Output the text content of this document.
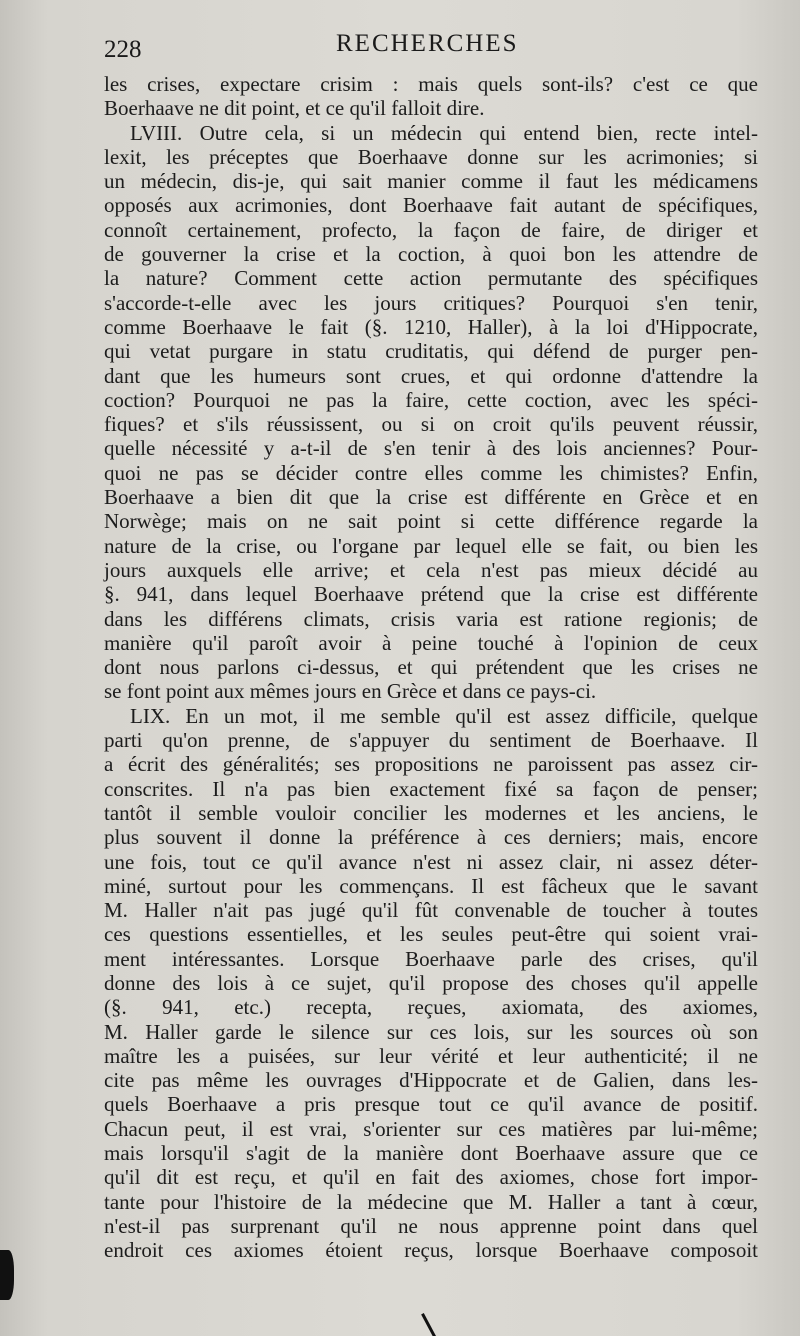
228	RECHERCHES
les crises, expectare crisim : mais quels sont-ils? c'est ce que
Boerhaave ne dit point, et ce qu'il falloit dire.
LVIII. Outre cela, si un médecin qui entend bien, recte intel-
lexit, les préceptes que Boerhaave donne sur les acrimonies; si
un médecin, dis-je, qui sait manier comme il faut les médicamens
opposés aux acrimonies, dont Boerhaave fait autant de spécifiques,
connoît certainement, profecto, la façon de faire, de diriger et
de gouverner la crise et la coction, à quoi bon les attendre de
la nature? Comment cette action permutante des spécifiques
s'accorde-t-elle avec les jours critiques? Pourquoi s'en tenir,
comme Boerhaave le fait (§. 1210, Haller), à la loi d'Hippocrate,
qui vetat purgare in statu cruditatis, qui défend de purger pen-
dant que les humeurs sont crues, et qui ordonne d'attendre la
coction? Pourquoi ne pas la faire, cette coction, avec les spéci-
fiques? et s'ils réussissent, ou si on croit qu'ils peuvent réussir,
quelle nécessité y a-t-il de s'en tenir à des lois anciennes? Pour-
quoi ne pas se décider contre elles comme les chimistes? Enfin,
Boerhaave a bien dit que la crise est différente en Grèce et en
Norwège; mais on ne sait point si cette différence regarde la
nature de la crise, ou l'organe par lequel elle se fait, ou bien les
jours auxquels elle arrive; et cela n'est pas mieux décidé au
§. 941, dans lequel Boerhaave prétend que la crise est différente
dans les différens climats, crisis varia est ratione regionis; de
manière qu'il paroît avoir à peine touché à l'opinion de ceux
dont nous parlons ci-dessus, et qui prétendent que les crises ne
se font point aux mêmes jours en Grèce et dans ce pays-ci.
LIX. En un mot, il me semble qu'il est assez difficile, quelque
parti qu'on prenne, de s'appuyer du sentiment de Boerhaave. Il
a écrit des généralités; ses propositions ne paroissent pas assez cir-
conscrites. Il n'a pas bien exactement fixé sa façon de penser;
tantôt il semble vouloir concilier les modernes et les anciens, le
plus souvent il donne la préférence à ces derniers; mais, encore
une fois, tout ce qu'il avance n'est ni assez clair, ni assez déter-
miné, surtout pour les commençans. Il est fâcheux que le savant
M. Haller n'ait pas jugé qu'il fût convenable de toucher à toutes
ces questions essentielles, et les seules peut-être qui soient vrai-
ment intéressantes. Lorsque Boerhaave parle des crises, qu'il
donne des lois à ce sujet, qu'il propose des choses qu'il appelle
(§. 941, etc.) recepta, reçues, axiomata, des axiomes,
M. Haller garde le silence sur ces lois, sur les sources où son
maître les a puisées, sur leur vérité et leur authenticité; il ne
cite pas même les ouvrages d'Hippocrate et de Galien, dans les-
quels Boerhaave a pris presque tout ce qu'il avance de positif.
Chacun peut, il est vrai, s'orienter sur ces matières par lui-même;
mais lorsqu'il s'agit de la manière dont Boerhaave assure que ce
qu'il dit est reçu, et qu'il en fait des axiomes, chose fort impor-
tante pour l'histoire de la médecine que M. Haller a tant à cœur,
n'est-il pas surprenant qu'il ne nous apprenne point dans quel
endroit ces axiomes étoient reçus, lorsque Boerhaave composoit
